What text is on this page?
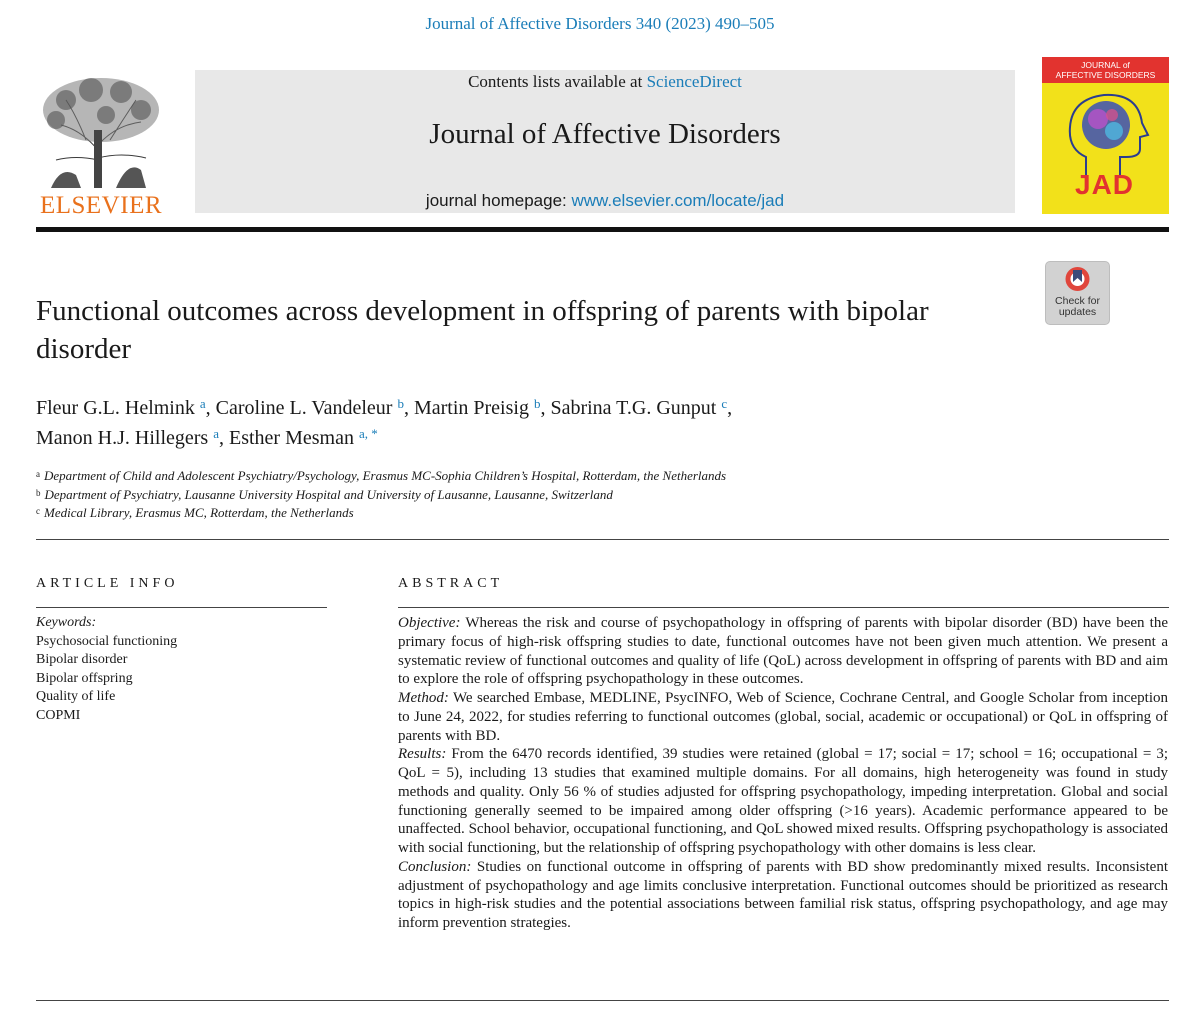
Journal of Affective Disorders 340 (2023) 490–505
ELSEVIER
Contents lists available at ScienceDirect
Journal of Affective Disorders
journal homepage: www.elsevier.com/locate/jad
JOURNAL of
AFFECTIVE DISORDERS
JAD
Functional outcomes across development in offspring of parents with bipolar disorder
Check for
updates
Fleur G.L. Helmink $^a$, Caroline L. Vandeleur $^b$, Martin Preisig $^b$, Sabrina T.G. Gunput $^c$,
Manon H.J. Hillegers $^a$, Esther Mesman $^{a, *}$
$^a$ Department of Child and Adolescent Psychiatry/Psychology, Erasmus MC-Sophia Children’s Hospital, Rotterdam, the Netherlands
$^b$ Department of Psychiatry, Lausanne University Hospital and University of Lausanne, Lausanne, Switzerland
$^c$ Medical Library, Erasmus MC, Rotterdam, the Netherlands
ARTICLE INFO
Keywords:
Psychosocial functioning
Bipolar disorder
Bipolar offspring
Quality of life
COPMI
ABSTRACT

Objective: Whereas the risk and course of psychopathology in offspring of parents with bipolar disorder (BD) have been the primary focus of high-risk offspring studies to date, functional outcomes have not been given much attention. We present a systematic review of functional outcomes and quality of life (QoL) across development in offspring of parents with BD and aim to explore the role of offspring psychopathology in these outcomes.

Method: We searched Embase, MEDLINE, PsycINFO, Web of Science, Cochrane Central, and Google Scholar from inception to June 24, 2022, for studies referring to functional outcomes (global, social, academic or occupational) or QoL in offspring of parents with BD.

Results: From the 6470 records identified, 39 studies were retained (global = 17; social = 17; school = 16; occupational = 3; QoL = 5), including 13 studies that examined multiple domains. For all domains, high heterogeneity was found in study methods and quality. Only 56 % of studies adjusted for offspring psychopathology, impeding interpretation. Global and social functioning generally seemed to be impaired among older offspring (>16 years). Academic performance appeared to be unaffected. School behavior, occupational functioning, and QoL showed mixed results. Offspring psychopathology is associated with social functioning, but the relationship of offspring psychopathology with other domains is less clear.

Conclusion: Studies on functional outcome in offspring of parents with BD show predominantly mixed results. Inconsistent adjustment of psychopathology and age limits conclusive interpretation. Functional outcomes should be prioritized as research topics in high-risk studies and the potential associations between familial risk status, offspring psychopathology, and age may inform prevention strategies.
